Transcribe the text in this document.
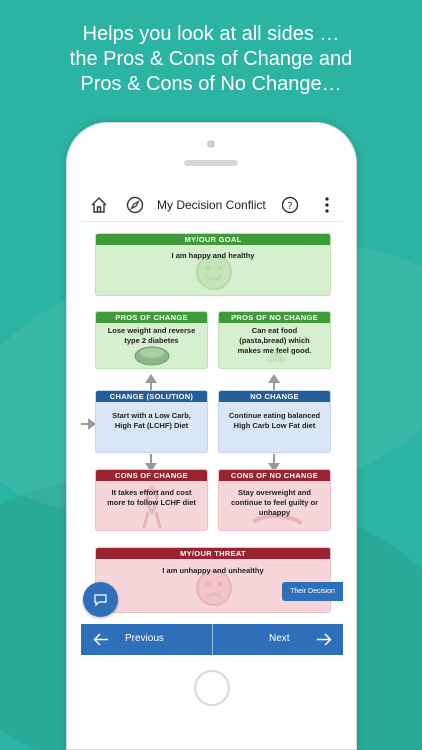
Helps you look at all sides …
the Pros & Cons of Change and
Pros & Cons of No Change…
My Decision Conflict ?
MY/OUR GOAL
I am happy and healthy
PROS OF CHANGE
Lose weight and reverse
type 2 diabetes
PROS OF NO CHANGE
Can eat food
(pasta,bread) which
makes me feel good.
CHANGE (SOLUTION)
Start with a Low Carb,
High Fat (LCHF) Diet
NO CHANGE
Continue eating balanced
High Carb Low Fat diet
CONS OF CHANGE
It takes effort and cost
more to follow LCHF diet
CONS OF NO CHANGE
Stay overweight and
continue to feel guilty or
unhappy
MY/OUR THREAT
I am unhappy and unhealthy
Their Decision
Previous	Next
